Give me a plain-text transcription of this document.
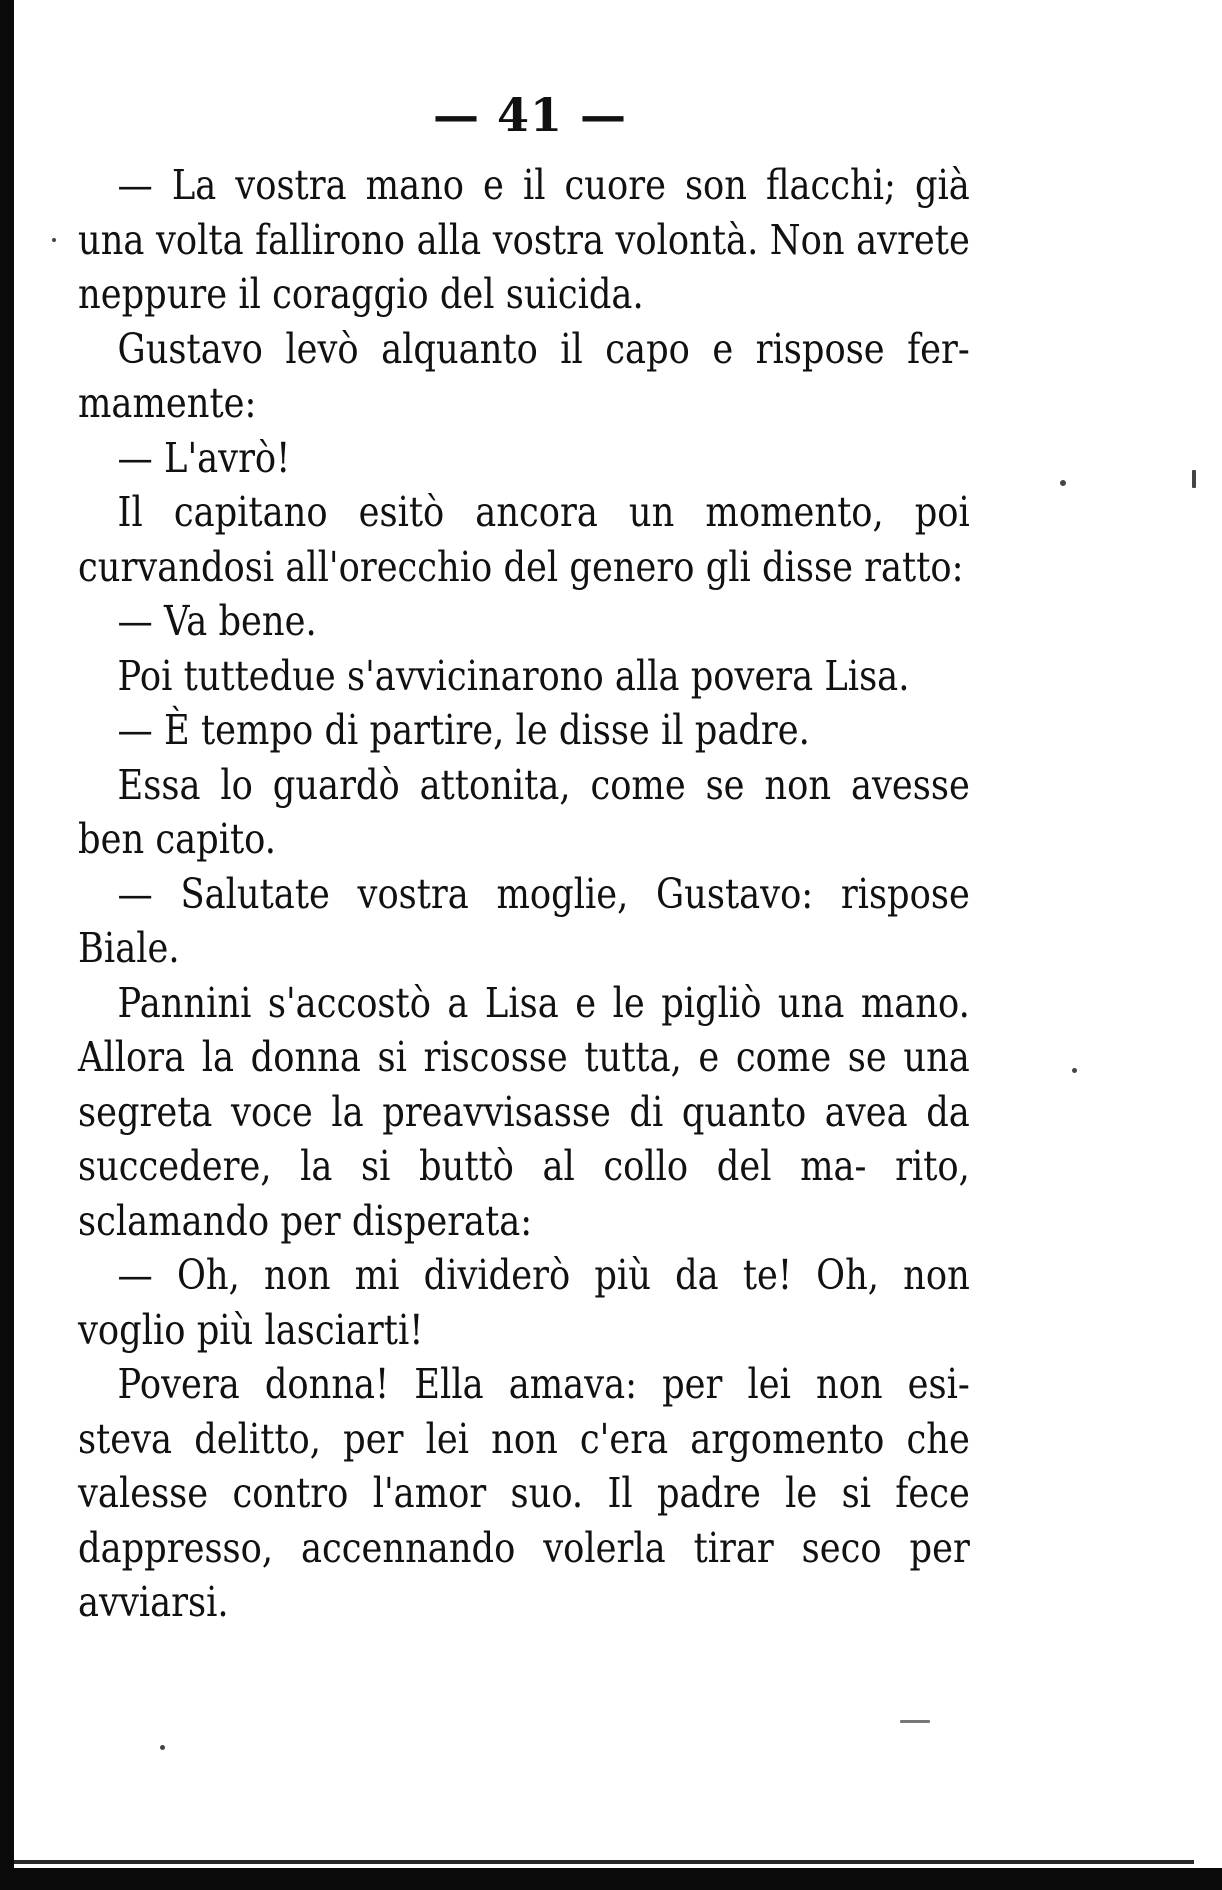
— 41 —

— La vostra mano e il cuore son flacchi; già una volta fallirono alla vostra volontà. Non avrete neppure il coraggio del suicida.

Gustavo levò alquanto il capo e rispose fer- mamente:

— L'avrò!

Il capitano esitò ancora un momento, poi curvandosi all'orecchio del genero gli disse ratto:

— Va bene.

Poi tuttedue s'avvicinarono alla povera Lisa.

— È tempo di partire, le disse il padre.

Essa lo guardò attonita, come se non avesse ben capito.

— Salutate vostra moglie, Gustavo: rispose Biale.

Pannini s'accostò a Lisa e le pigliò una mano. Allora la donna si riscosse tutta, e come se una segreta voce la preavvisasse di quanto avea da succedere, la si buttò al collo del ma- rito, sclamando per disperata:

— Oh, non mi dividerò più da te! Oh, non voglio più lasciarti!

Povera donna! Ella amava: per lei non esi- steva delitto, per lei non c'era argomento che valesse contro l'amor suo. Il padre le si fece dappresso, accennando volerla tirar seco per avviarsi.
